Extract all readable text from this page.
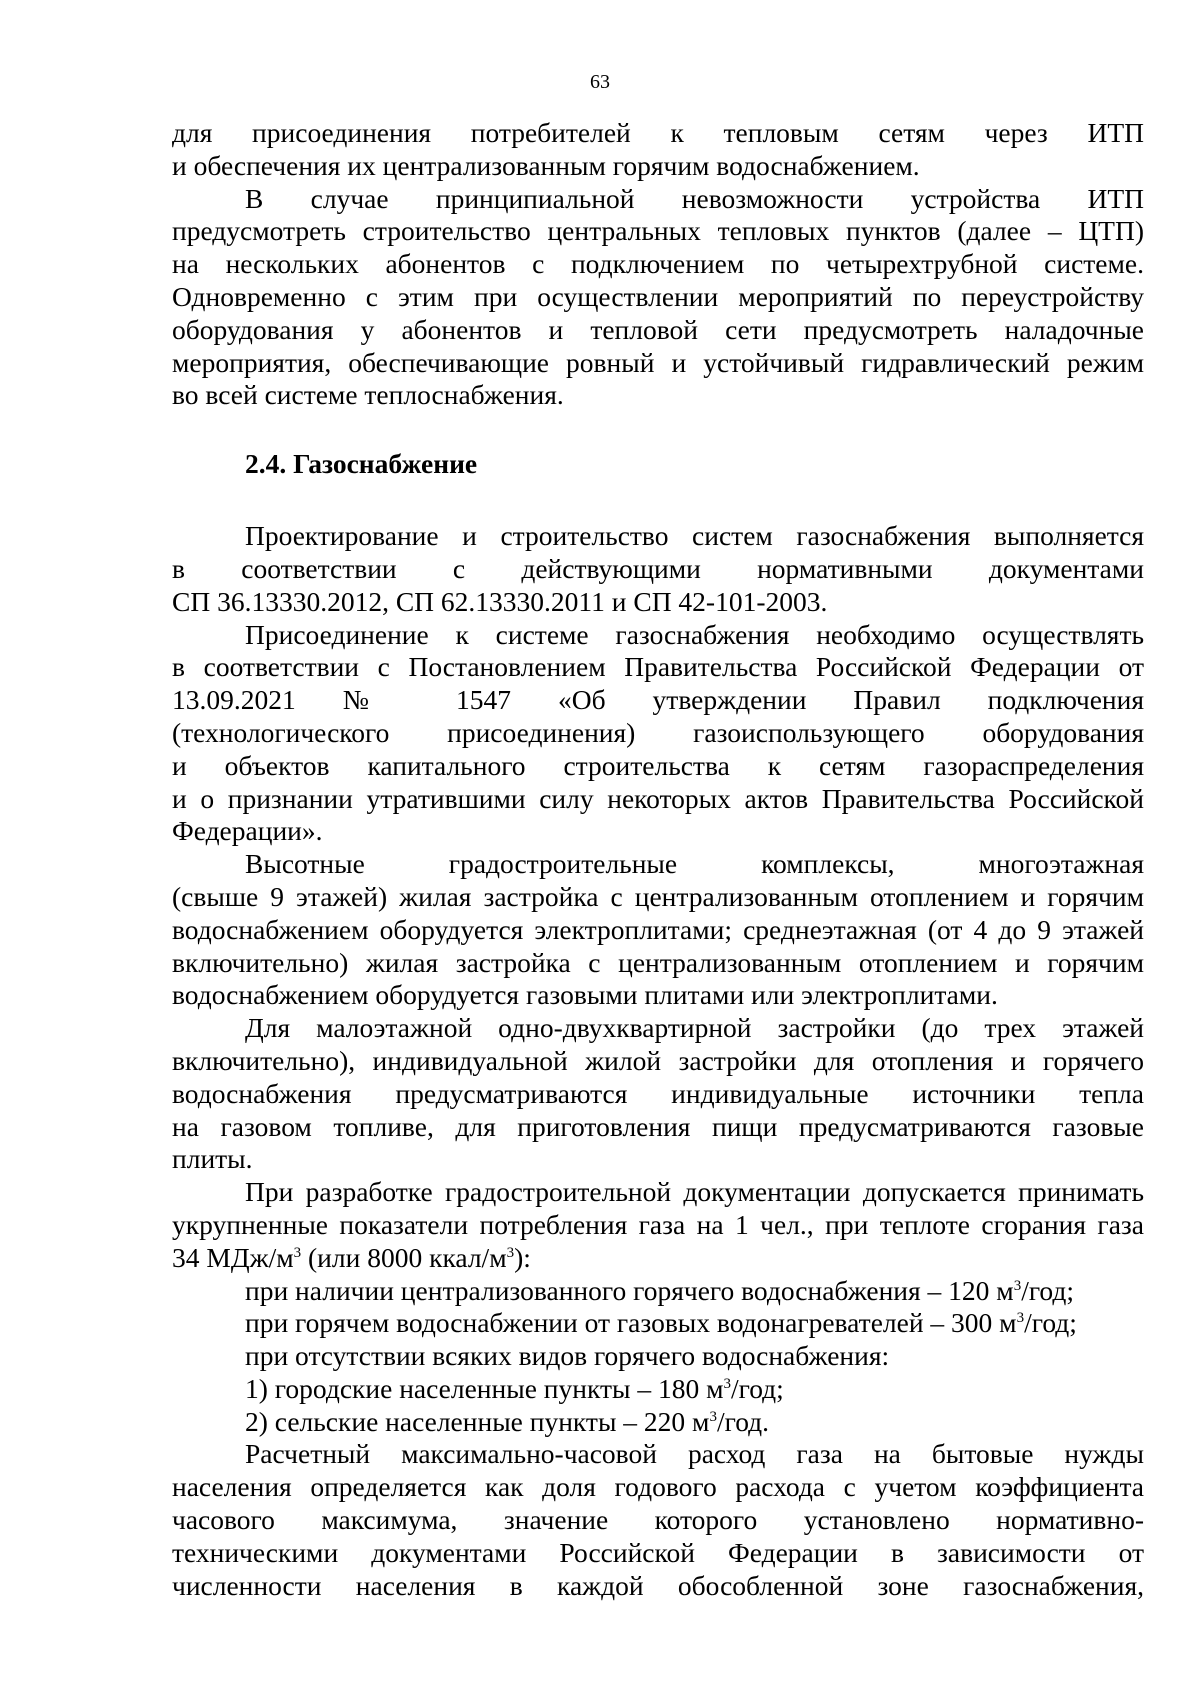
63
для присоединения потребителей к тепловым сетям через ИТП
и обеспечения их централизованным горячим водоснабжением.
В случае принципиальной невозможности устройства ИТП
предусмотреть строительство центральных тепловых пунктов (далее – ЦТП)
на нескольких абонентов с подключением по четырехтрубной системе.
Одновременно с этим при осуществлении мероприятий по переустройству
оборудования у абонентов и тепловой сети предусмотреть наладочные
мероприятия, обеспечивающие ровный и устойчивый гидравлический режим
во всей системе теплоснабжения.
2.4. Газоснабжение
Проектирование и строительство систем газоснабжения выполняется
в соответствии с действующими нормативными документами
СП 36.13330.2012, СП 62.13330.2011 и СП 42-101-2003.
Присоединение к системе газоснабжения необходимо осуществлять
в соответствии с Постановлением Правительства Российской Федерации от
13.09.2021 № 1547 «Об утверждении Правил подключения
(технологического присоединения) газоиспользующего оборудования
и объектов капитального строительства к сетям газораспределения
и о признании утратившими силу некоторых актов Правительства Российской
Федерации».
Высотные градостроительные комплексы, многоэтажная
(свыше 9 этажей) жилая застройка с централизованным отоплением и горячим
водоснабжением оборудуется электроплитами; среднеэтажная (от 4 до 9 этажей
включительно) жилая застройка с централизованным отоплением и горячим
водоснабжением оборудуется газовыми плитами или электроплитами.
Для малоэтажной одно-двухквартирной застройки (до трех этажей
включительно), индивидуальной жилой застройки для отопления и горячего
водоснабжения предусматриваются индивидуальные источники тепла
на газовом топливе, для приготовления пищи предусматриваются газовые
плиты.
При разработке градостроительной документации допускается принимать
укрупненные показатели потребления газа на 1 чел., при теплоте сгорания газа
34 МДж/$м^3$ (или 8000 ккал/$м^3$):
при наличии централизованного горячего водоснабжения – 120 $м^3$/год;
при горячем водоснабжении от газовых водонагревателей – 300 $м^3$/год;
при отсутствии всяких видов горячего водоснабжения:
1) городские населенные пункты – 180 $м^3$/год;
2) сельские населенные пункты – 220 $м^3$/год.
Расчетный максимально-часовой расход газа на бытовые нужды
населения определяется как доля годового расхода с учетом коэффициента
часового максимума, значение которого установлено нормативно-
техническими документами Российской Федерации в зависимости от
численности населения в каждой обособленной зоне газоснабжения,
